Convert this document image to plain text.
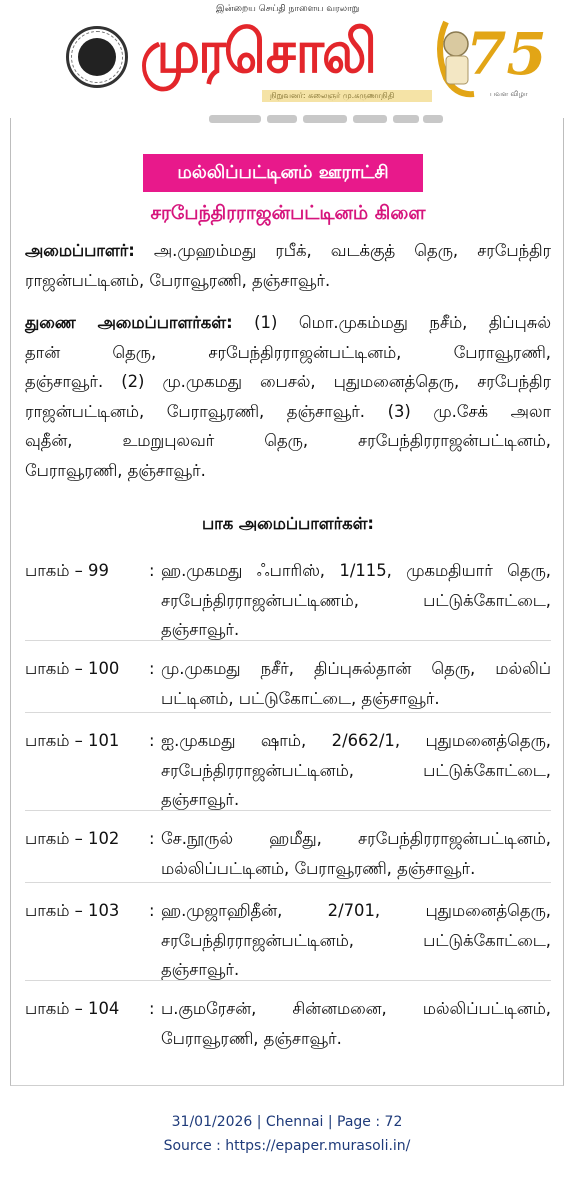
இன்றைய செய்தி நாளைய வரலாறு
முரசொலி
நிறுவனர்: கலைஞர் மு.கருணாநிதி
75
பவள விழா
மல்லிப்பட்டினம் ஊராட்சி
சரபேந்திரராஜன்பட்டினம் கிளை
அமைப்பாளர்: அ.முஹம்மது ரபீக், வடக்குத் தெரு, சரபேந்திர
ராஜன்பட்டினம், பேராவூரணி, தஞ்சாவூர்.
துணை அமைப்பாளர்கள்: (1) மொ.முகம்மது நசீம், திப்புசுல்
தான் தெரு, சரபேந்திரராஜன்பட்டினம், பேராவூரணி,
தஞ்சாவூர். (2) மு.முகமது பைசல், புதுமனைத்தெரு, சரபேந்திர
ராஜன்பட்டினம், பேராவூரணி, தஞ்சாவூர். (3) மு.சேக் அலா
வுதீன், உமறுபுலவர் தெரு, சரபேந்திரராஜன்பட்டினம்,
பேராவூரணி, தஞ்சாவூர்.
பாக அமைப்பாளர்கள்:
பாகம் – 99	: ஹ.முகமது ஃபாரிஸ், 1/115, முகமதியார் தெரு,
சரபேந்திரராஜன்பட்டிணம், பட்டுக்கோட்டை,
தஞ்சாவூர்.
பாகம் – 100	: மு.முகமது நசீர், திப்புசுல்தான் தெரு, மல்லிப்
பட்டினம், பட்டுகோட்டை, தஞ்சாவூர்.
பாகம் – 101	: ஐ.முகமது ஷாம், 2/662/1, புதுமனைத்தெரு,
சரபேந்திரராஜன்பட்டினம், பட்டுக்கோட்டை,
தஞ்சாவூர்.
பாகம் – 102	: சே.நூருல் ஹமீது, சரபேந்திரராஜன்பட்டினம்,
மல்லிப்பட்டினம், பேராவூரணி, தஞ்சாவூர்.
பாகம் – 103	: ஹ.முஜாஹிதீன், 2/701, புதுமனைத்தெரு,
சரபேந்திரராஜன்பட்டினம், பட்டுக்கோட்டை,
தஞ்சாவூர்.
பாகம் – 104	: ப.குமரேசன், சின்னமனை, மல்லிப்பட்டினம்,
பேராவூரணி, தஞ்சாவூர்.
31/01/2026 | Chennai | Page : 72
Source : https://epaper.murasoli.in/
